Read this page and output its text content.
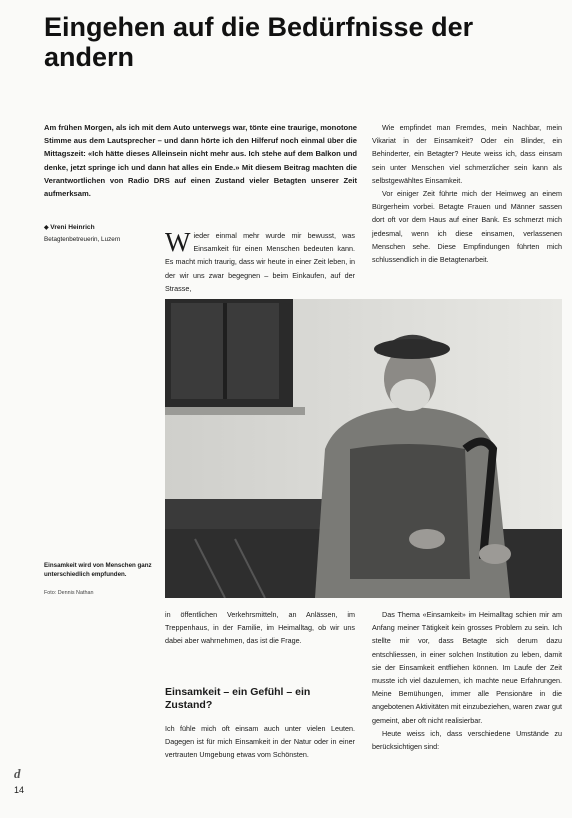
Eingehen auf die Bedürfnisse der andern
Am frühen Morgen, als ich mit dem Auto unterwegs war, tönte eine traurige, monotone Stimme aus dem Lautsprecher – und dann hörte ich den Hilferuf noch einmal über die Mittagszeit: «Ich hätte dieses Alleinsein nicht mehr aus. Ich stehe auf dem Balkon und denke, jetzt springe ich und dann hat alles ein Ende.» Mit diesem Beitrag machten die Verantwortlichen von Radio DRS auf einen Zustand vieler Betagten unserer Zeit aufmerksam.
◆ Vreni Heinrich
Betagtenbetreuerin, Luzern Wieder einmal mehr wurde mir bewusst, was Einsamkeit für einen Menschen bedeuten kann. Es macht mich traurig, dass wir heute in einer Zeit leben, in der wir uns zwar begegnen – beim Einkaufen, auf der Strasse,
Wie empfindet man Fremdes, mein Nachbar, mein Vikariat in der Einsamkeit? Oder ein Blinder, ein Behinderter, ein Betagter? Heute weiss ich, dass einsam sein unter Menschen viel schmerzlicher sein kann als selbstgewähltes Einsamkeit.
Vor einiger Zeit führte mich der Heimweg an einem Bürgerheim vorbei. Betagte Frauen und Männer sassen dort oft vor dem Haus auf einer Bank. Es schmerzt mich jedesmal, wenn ich diese einsamen, verlassenen Menschen sehe. Diese Empfindungen führten mich schlussendlich in die Betagtenarbeit.
Einsamkeit wird von Menschen ganz unterschiedlich empfunden.
Foto: Dennis Nathan
in öffentlichen Verkehrsmitteln, an Anlässen, im Treppenhaus, in der Familie, im Heimalltag, ob wir uns dabei aber wahrnehmen, das ist die Frage.
Einsamkeit – ein Gefühl – ein Zustand?
Ich fühle mich oft einsam auch unter vielen Leuten. Dagegen ist für mich Einsamkeit in der Natur oder in einer vertrauten Umgebung etwas vom Schönsten.
Das Thema «Einsamkeit» im Heimalltag schien mir am Anfang meiner Tätigkeit kein grosses Problem zu sein. Ich stellte mir vor, dass Betagte sich derum dazu entschliessen, in einer solchen Institution zu leben, damit sie der Einsamkeit entfliehen können. Im Laufe der Zeit musste ich viel dazulernen, ich machte neue Erfahrungen. Meine Bemühungen, immer alle Pensionäre in die angebotenen Aktivitäten mit einzubeziehen, waren zwar gut gemeint, aber oft nicht realisierbar.
Heute weiss ich, dass verschiedene Umstände zu berücksichtigen sind:
d
14
